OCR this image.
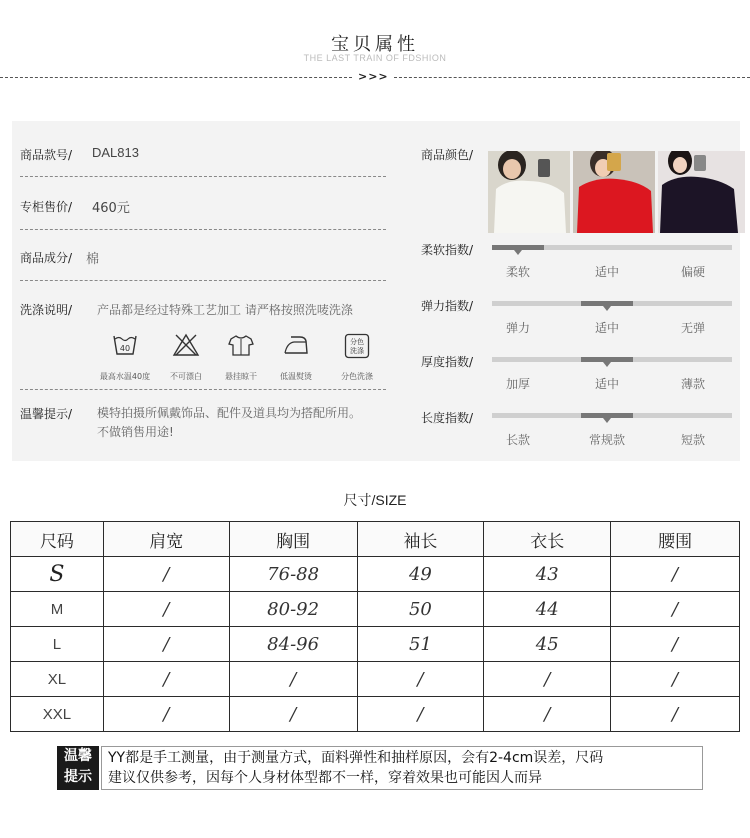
宝贝属性
THE LAST TRAIN OF FDSHION
>>>
商品款号/ DAL813
专柜售价/ 460元
商品成分/ 棉
洗涤说明/ 产品都是经过特殊工艺加工 请严格按照洗唛洗涤
40
分色
洗涤
最高水温40度	不可漂白	悬挂晾干	低温熨烫	分色洗涤
温馨提示/ 模特拍摄所佩戴饰品、配件及道具均为搭配所用。
不做销售用途!
商品颜色/
柔软指数/
柔软	适中	偏硬
弹力指数/
弹力	适中	无弹
厚度指数/
加厚	适中	薄款
长度指数/
长款	常规款	短款
尺寸/SIZE
尺码	肩宽	胸围	袖长	衣长	腰围
S	/	76-88	49	43	/
M	/	80-92	50	44	/
L	/	84-96	51	45	/
XL	/	/	/	/	/
XXL	/	/	/	/	/
温馨
提示
YY都是手工测量，由于测量方式，面料弹性和抽样原因，会有2-4cm误差，尺码
建议仅供参考，因每个人身材体型都不一样，穿着效果也可能因人而异
